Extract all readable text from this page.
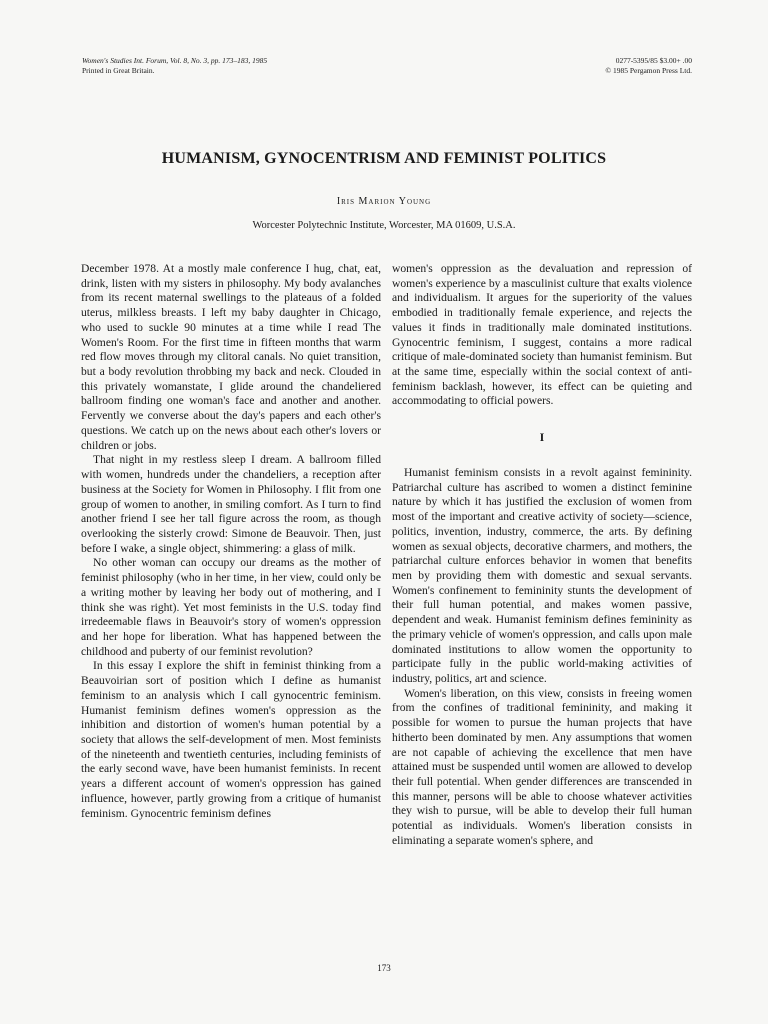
Women's Studies Int. Forum, Vol. 8, No. 3, pp. 173–183, 1985
Printed in Great Britain.
0277-5395/85 $3.00+ .00
© 1985 Pergamon Press Ltd.
HUMANISM, GYNOCENTRISM AND FEMINIST POLITICS
Iris Marion Young
Worcester Polytechnic Institute, Worcester, MA 01609, U.S.A.

December 1978. At a mostly male conference I hug, chat, eat, drink, listen with my sisters in philosophy. My body avalanches from its recent maternal swellings to the plateaus of a folded uterus, milkless breasts. I left my baby daughter in Chicago, who used to suckle 90 minutes at a time while I read The Women's Room. For the first time in fifteen months that warm red flow moves through my clitoral canals. No quiet transition, but a body revolution throbbing my back and neck. Clouded in this privately womanstate, I glide around the chandeliered ballroom finding one woman's face and another and another. Fervently we converse about the day's papers and each other's questions. We catch up on the news about each other's lovers or children or jobs.

That night in my restless sleep I dream. A ballroom filled with women, hundreds under the chandeliers, a reception after business at the Society for Women in Philosophy. I flit from one group of women to another, in smiling comfort. As I turn to find another friend I see her tall figure across the room, as though overlooking the sisterly crowd: Simone de Beauvoir. Then, just before I wake, a single object, shimmering: a glass of milk.

No other woman can occupy our dreams as the mother of feminist philosophy (who in her time, in her view, could only be a writing mother by leaving her body out of mothering, and I think she was right). Yet most feminists in the U.S. today find irredeemable flaws in Beauvoir's story of women's oppression and her hope for liberation. What has happened between the childhood and puberty of our feminist revolution?

In this essay I explore the shift in feminist thinking from a Beauvoirian sort of position which I define as humanist feminism to an analysis which I call gynocentric feminism. Humanist feminism defines women's oppression as the inhibition and distortion of women's human potential by a society that allows the self-development of men. Most feminists of the nineteenth and twentieth centuries, including feminists of the early second wave, have been humanist feminists. In recent years a different account of women's oppression has gained influence, however, partly growing from a critique of humanist feminism. Gynocentric feminism defines

women's oppression as the devaluation and repression of women's experience by a masculinist culture that exalts violence and individualism. It argues for the superiority of the values embodied in traditionally female experience, and rejects the values it finds in traditionally male dominated institutions. Gynocentric feminism, I suggest, contains a more radical critique of male-dominated society than humanist feminism. But at the same time, especially within the social context of anti-feminism backlash, however, its effect can be quieting and accommodating to official powers.

I

Humanist feminism consists in a revolt against femininity. Patriarchal culture has ascribed to women a distinct feminine nature by which it has justified the exclusion of women from most of the important and creative activity of society—science, politics, invention, industry, commerce, the arts. By defining women as sexual objects, decorative charmers, and mothers, the patriarchal culture enforces behavior in women that benefits men by providing them with domestic and sexual servants. Women's confinement to femininity stunts the development of their full human potential, and makes women passive, dependent and weak. Humanist feminism defines femininity as the primary vehicle of women's oppression, and calls upon male dominated institutions to allow women the opportunity to participate fully in the public world-making activities of industry, politics, art and science.

Women's liberation, on this view, consists in freeing women from the confines of traditional femininity, and making it possible for women to pursue the human projects that have hitherto been dominated by men. Any assumptions that women are not capable of achieving the excellence that men have attained must be suspended until women are allowed to develop their full potential. When gender differences are transcended in this manner, persons will be able to choose whatever activities they wish to pursue, will be able to develop their full human potential as individuals. Women's liberation consists in eliminating a separate women's sphere, and

173
